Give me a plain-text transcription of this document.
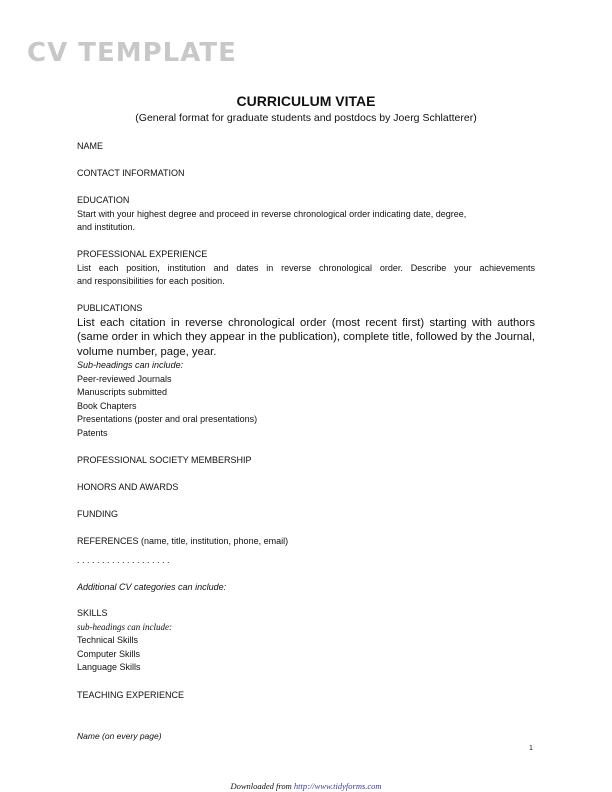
CV TEMPLATE
CURRICULUM VITAE
(General format for graduate students and postdocs by Joerg Schlatterer)
NAME
CONTACT INFORMATION
EDUCATION
Start with your highest degree and proceed in reverse chronological order indicating date, degree,
and institution.
PROFESSIONAL EXPERIENCE
List each position, institution and dates in reverse chronological order. Describe your achievements
and responsibilities for each position.
PUBLICATIONS
List each citation in reverse chronological order (most recent first) starting with authors
(same order in which they appear in the publication), complete title, followed by the Journal,
volume number, page, year.
Sub-headings can include:
Peer-reviewed Journals
Manuscripts submitted
Book Chapters
Presentations (poster and oral presentations)
Patents
PROFESSIONAL SOCIETY MEMBERSHIP
HONORS AND AWARDS
FUNDING
REFERENCES (name, title, institution, phone, email)
. . . . . . . . . . . . . . . . . . .
Additional CV categories can include:
SKILLS
sub-headings can include:
Technical Skills
Computer Skills
Language Skills
TEACHING EXPERIENCE
Name (on every page)
1
Downloaded from http://www.tidyforms.com
